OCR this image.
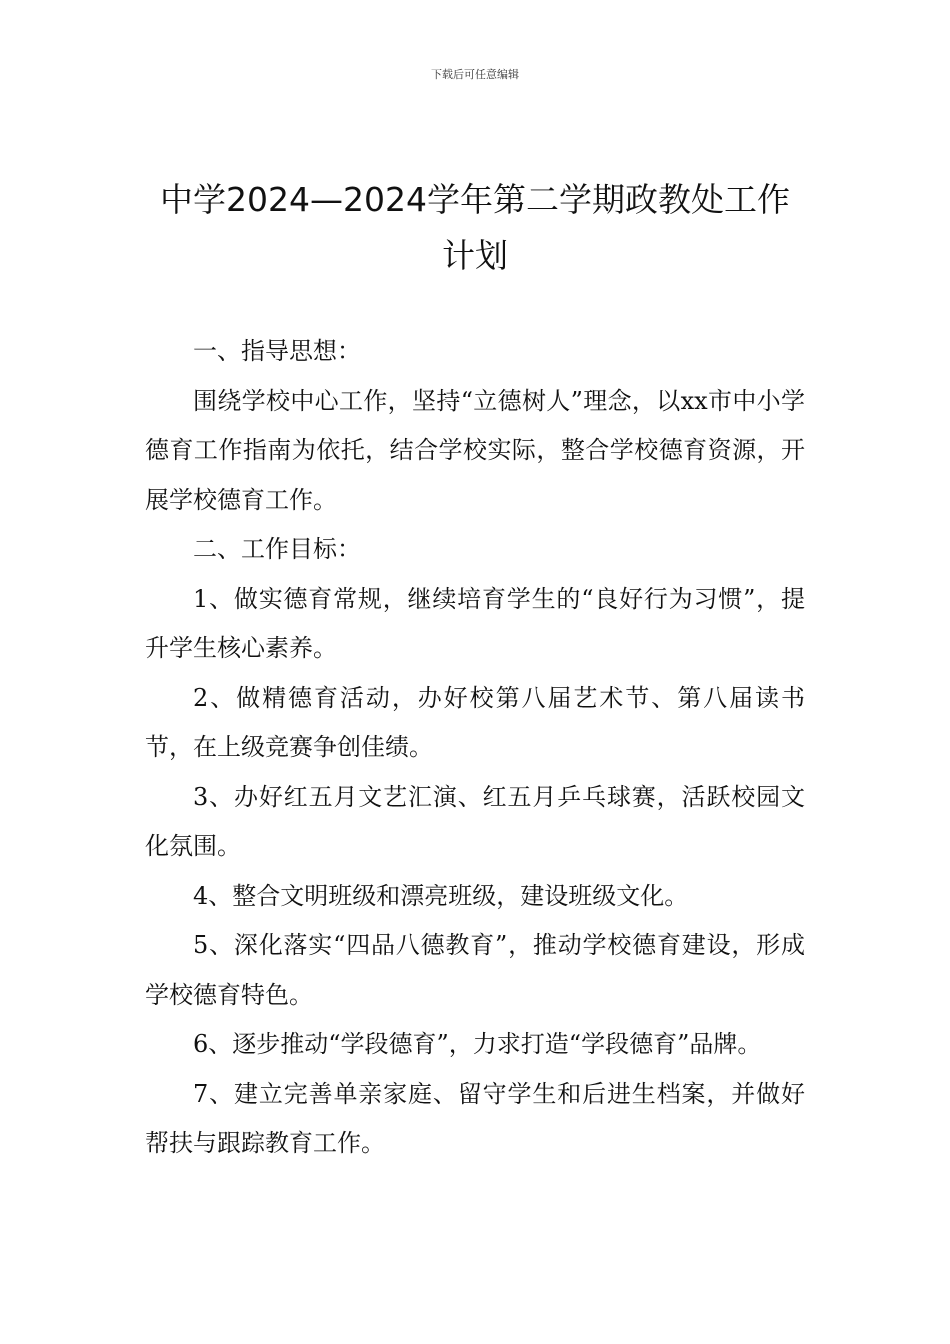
下载后可任意编辑
中学2024—2024学年第二学期政教处工作计划

一、指导思想：

围绕学校中心工作，坚持“立德树人”理念，以xx市中小学德育工作指南为依托，结合学校实际，整合学校德育资源，开展学校德育工作。

二、工作目标：

1、做实德育常规，继续培育学生的“良好行为习惯”，提升学生核心素养。

2、做精德育活动，办好校第八届艺术节、第八届读书节，在上级竞赛争创佳绩。

3、办好红五月文艺汇演、红五月乒乓球赛，活跃校园文化氛围。

4、整合文明班级和漂亮班级，建设班级文化。

5、深化落实“四品八德教育”，推动学校德育建设，形成学校德育特色。

6、逐步推动“学段德育”，力求打造“学段德育”品牌。

7、建立完善单亲家庭、留守学生和后进生档案，并做好帮扶与跟踪教育工作。
